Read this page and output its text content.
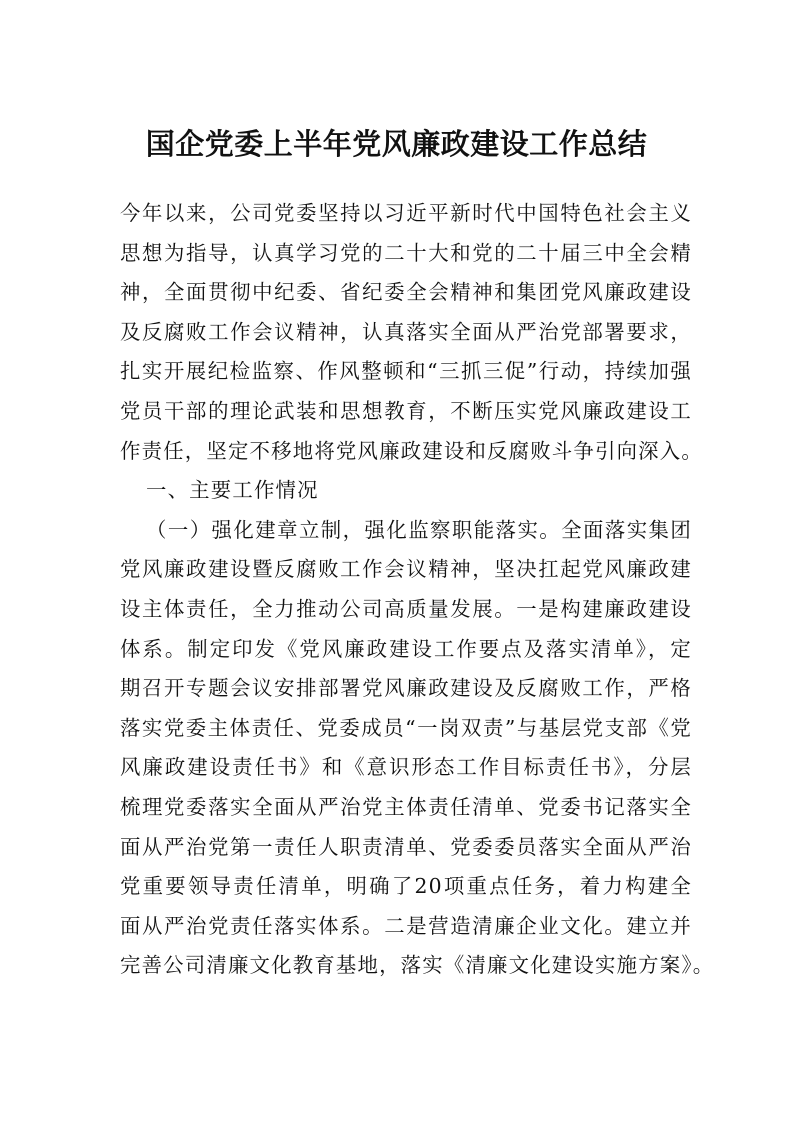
国企党委上半年党风廉政建设工作总结
今年以来，公司党委坚持以习近平新时代中国特色社会主义
思想为指导，认真学习党的二十大和党的二十届三中全会精
神，全面贯彻中纪委、省纪委全会精神和集团党风廉政建设
及反腐败工作会议精神，认真落实全面从严治党部署要求，
扎实开展纪检监察、作风整顿和“三抓三促”行动，持续加强
党员干部的理论武装和思想教育，不断压实党风廉政建设工
作责任，坚定不移地将党风廉政建设和反腐败斗争引向深入。
一、主要工作情况
（一）强化建章立制，强化监察职能落实。全面落实集团
党风廉政建设暨反腐败工作会议精神，坚决扛起党风廉政建
设主体责任，全力推动公司高质量发展。一是构建廉政建设
体系。制定印发《党风廉政建设工作要点及落实清单》，定
期召开专题会议安排部署党风廉政建设及反腐败工作，严格
落实党委主体责任、党委成员“一岗双责”与基层党支部《党
风廉政建设责任书》和《意识形态工作目标责任书》，分层
梳理党委落实全面从严治党主体责任清单、党委书记落实全
面从严治党第一责任人职责清单、党委委员落实全面从严治
党重要领导责任清单，明确了20项重点任务，着力构建全
面从严治党责任落实体系。二是营造清廉企业文化。建立并
完善公司清廉文化教育基地，落实《清廉文化建设实施方案》。
